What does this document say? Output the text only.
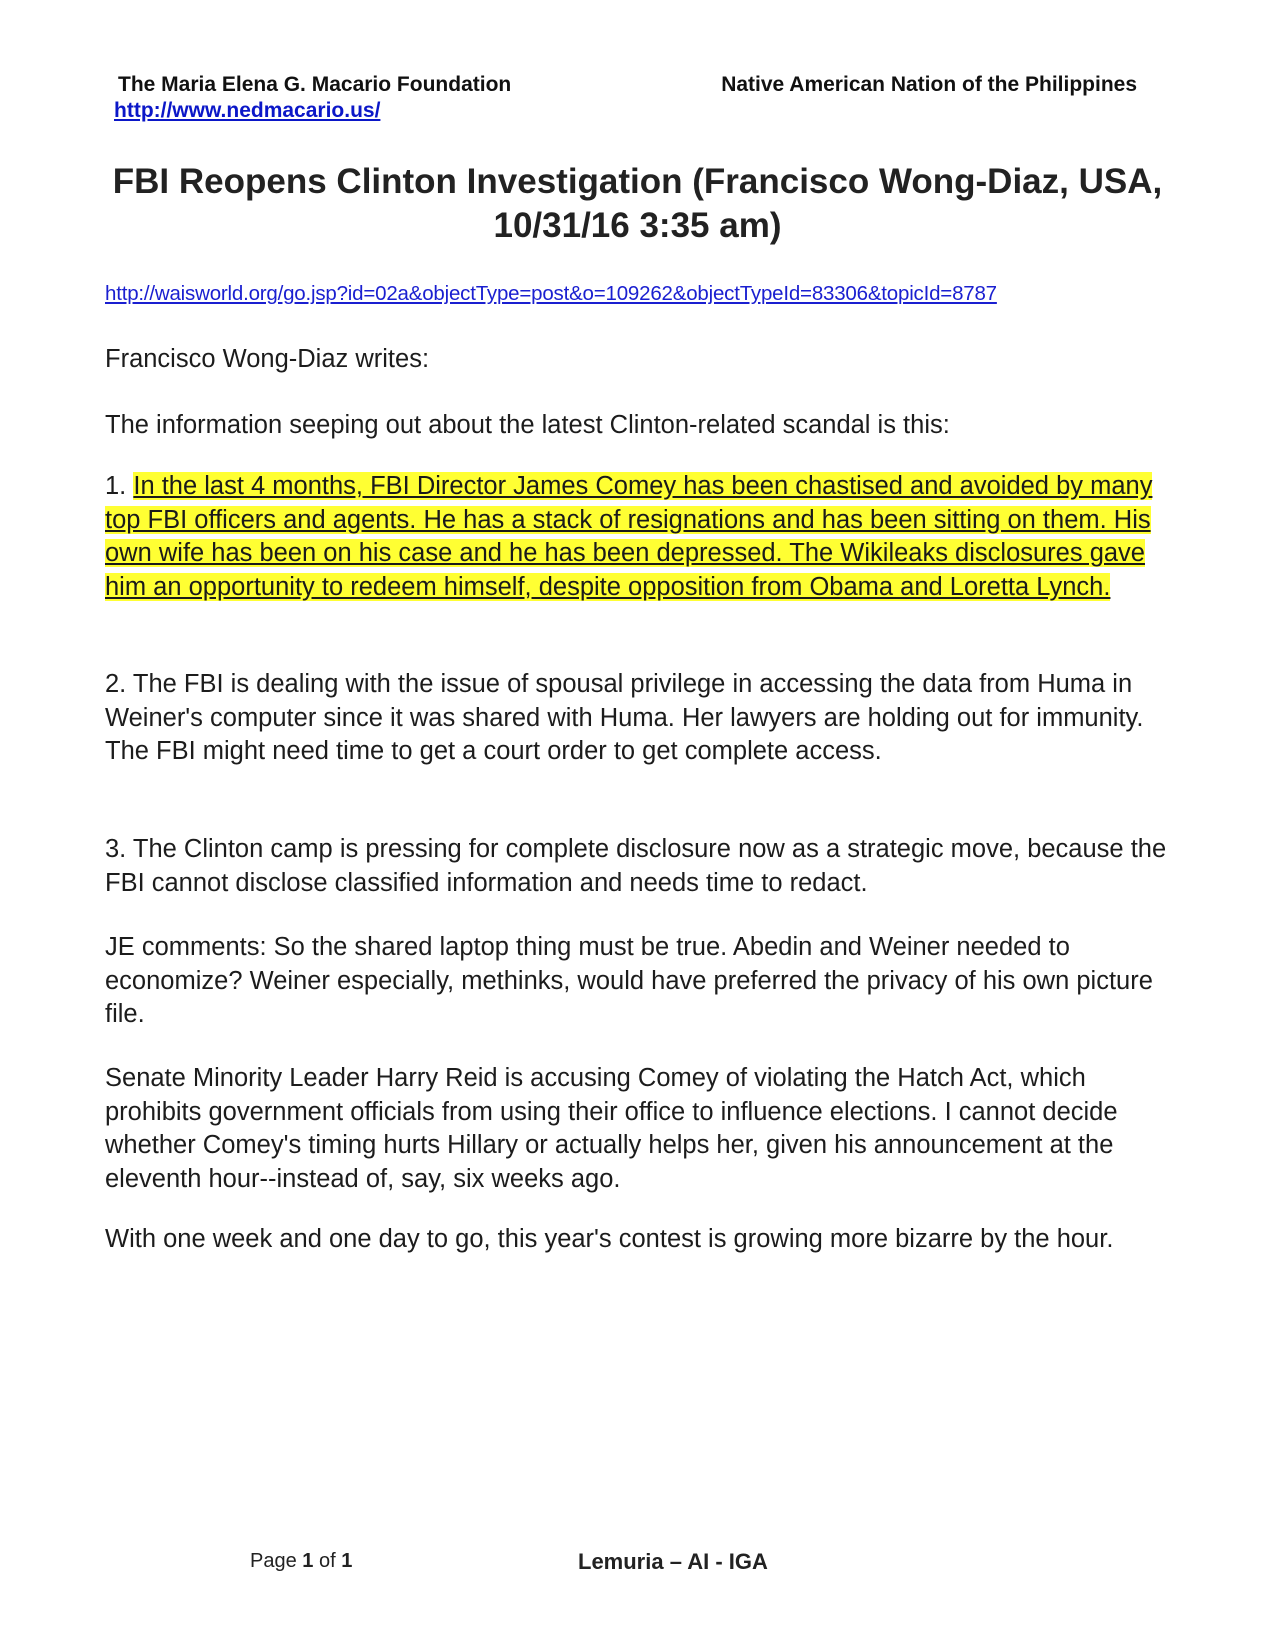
The Maria Elena G. Macario Foundation	Native American Nation of the Philippines
http://www.nedmacario.us/
FBI Reopens Clinton Investigation (Francisco Wong-Diaz, USA, 10/31/16 3:35 am)
http://waisworld.org/go.jsp?id=02a&objectType=post&o=109262&objectTypeId=83306&topicId=8787
Francisco Wong-Diaz writes:
The information seeping out about the latest Clinton-related scandal is this:
1. In the last 4 months, FBI Director James Comey has been chastised and avoided by many top FBI officers and agents. He has a stack of resignations and has been sitting on them. His own wife has been on his case and he has been depressed. The Wikileaks disclosures gave him an opportunity to redeem himself, despite opposition from Obama and Loretta Lynch.
2. The FBI is dealing with the issue of spousal privilege in accessing the data from Huma in Weiner's computer since it was shared with Huma. Her lawyers are holding out for immunity. The FBI might need time to get a court order to get complete access.
3. The Clinton camp is pressing for complete disclosure now as a strategic move, because the FBI cannot disclose classified information and needs time to redact.
JE comments: So the shared laptop thing must be true. Abedin and Weiner needed to economize? Weiner especially, methinks, would have preferred the privacy of his own picture file.
Senate Minority Leader Harry Reid is accusing Comey of violating the Hatch Act, which prohibits government officials from using their office to influence elections. I cannot decide whether Comey's timing hurts Hillary or actually helps her, given his announcement at the eleventh hour--instead of, say, six weeks ago.
With one week and one day to go, this year's contest is growing more bizarre by the hour.
Page 1 of 1	Lemuria – AI - IGA
